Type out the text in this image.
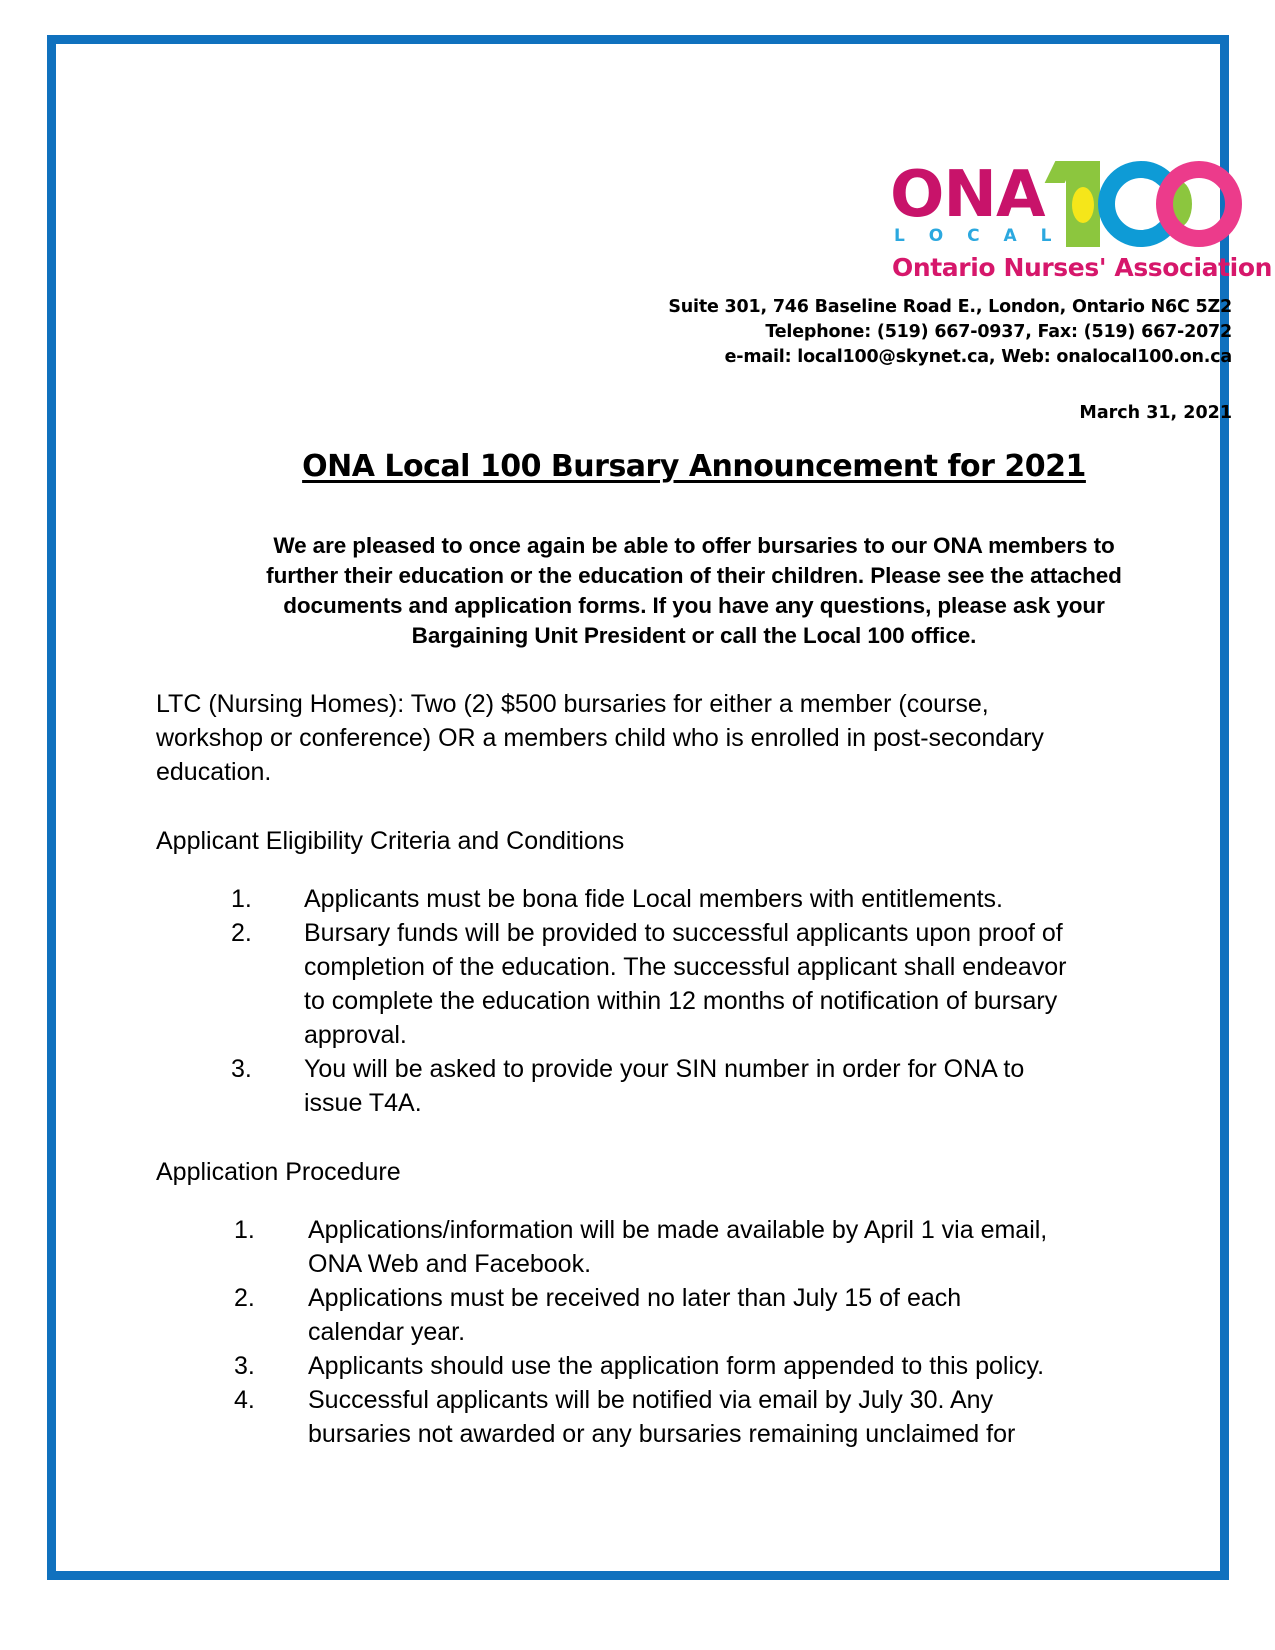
ONA
L O C A L
Ontario Nurses' Association
Suite 301, 746 Baseline Road E., London, Ontario N6C 5Z2
Telephone: (519) 667-0937, Fax: (519) 667-2072
e-mail: local100@skynet.ca, Web: onalocal100.on.ca
March 31, 2021
ONA Local 100 Bursary Announcement for 2021
We are pleased to once again be able to offer bursaries to our ONA members to
further their education or the education of their children. Please see the attached
documents and application forms. If you have any questions, please ask your
Bargaining Unit President or call the Local 100 office.
LTC (Nursing Homes): Two (2) $500 bursaries for either a member (course,
workshop or conference) OR a members child who is enrolled in post-secondary
education.
Applicant Eligibility Criteria and Conditions
1.	Applicants must be bona fide Local members with entitlements.
2.	Bursary funds will be provided to successful applicants upon proof of
completion of the education. The successful applicant shall endeavor
to complete the education within 12 months of notification of bursary
approval.
3.	You will be asked to provide your SIN number in order for ONA to
issue T4A.
Application Procedure
1.	Applications/information will be made available by April 1 via email,
ONA Web and Facebook.
2.	Applications must be received no later than July 15 of each
calendar year.
3.	Applicants should use the application form appended to this policy.
4.	Successful applicants will be notified via email by July 30. Any
bursaries not awarded or any bursaries remaining unclaimed for
